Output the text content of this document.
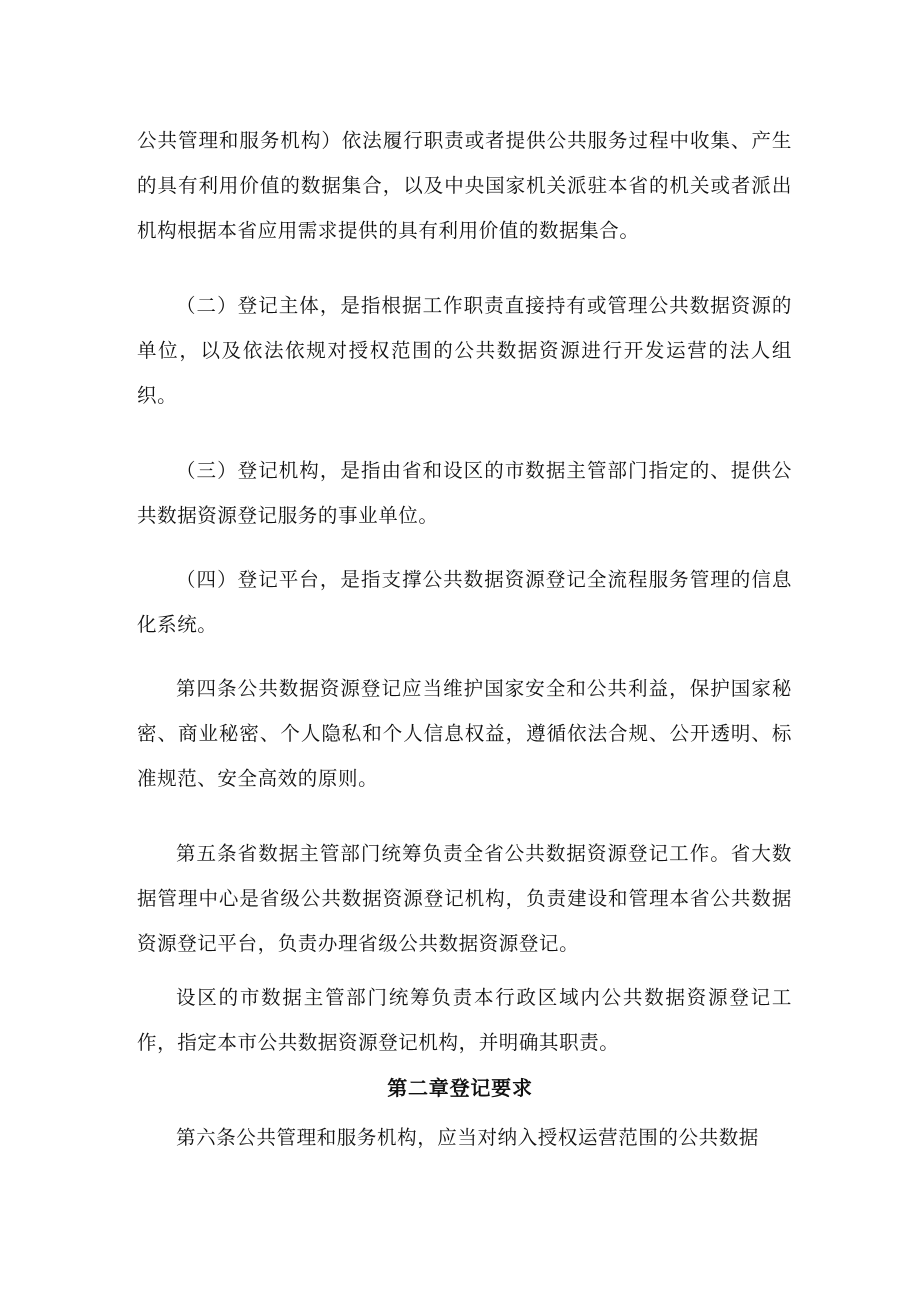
公共管理和服务机构）依法履行职责或者提供公共服务过程中收集、产生的具有利用价值的数据集合，以及中央国家机关派驻本省的机关或者派出机构根据本省应用需求提供的具有利用价值的数据集合。

（二）登记主体，是指根据工作职责直接持有或管理公共数据资源的单位，以及依法依规对授权范围的公共数据资源进行开发运营的法人组织。

（三）登记机构，是指由省和设区的市数据主管部门指定的、提供公共数据资源登记服务的事业单位。

（四）登记平台，是指支撑公共数据资源登记全流程服务管理的信息化系统。

第四条公共数据资源登记应当维护国家安全和公共利益，保护国家秘密、商业秘密、个人隐私和个人信息权益，遵循依法合规、公开透明、标准规范、安全高效的原则。

第五条省数据主管部门统筹负责全省公共数据资源登记工作。省大数据管理中心是省级公共数据资源登记机构，负责建设和管理本省公共数据资源登记平台，负责办理省级公共数据资源登记。

设区的市数据主管部门统筹负责本行政区域内公共数据资源登记工作，指定本市公共数据资源登记机构，并明确其职责。

第二章登记要求

第六条公共管理和服务机构，应当对纳入授权运营范围的公共数据
